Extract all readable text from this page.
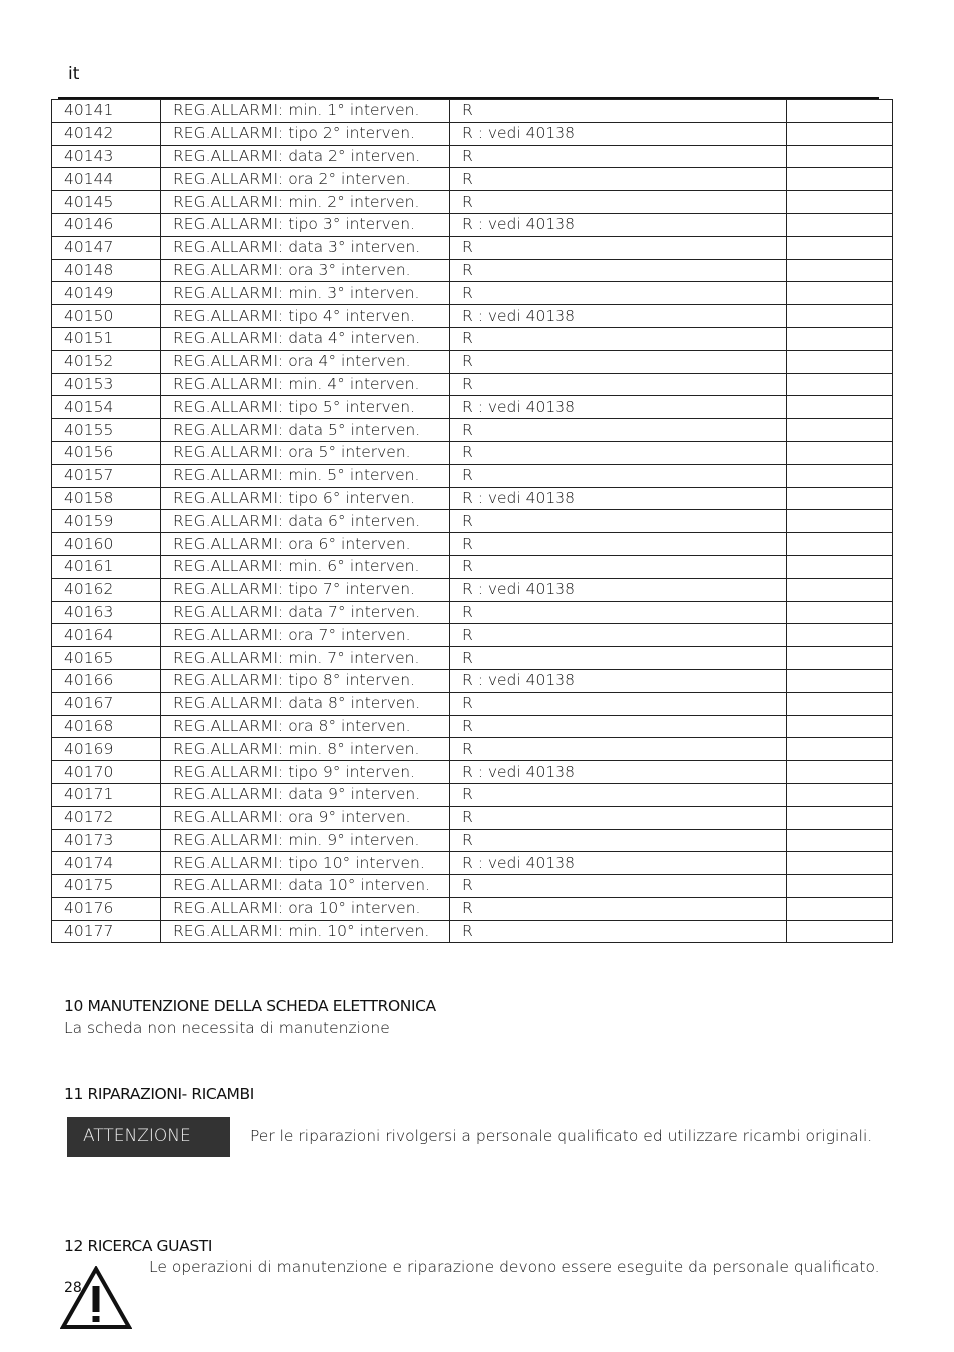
it
40141	REG.ALLARMI: min. 1° interven.	R	
40142	REG.ALLARMI: tipo 2° interven.	R : vedi 40138	
40143	REG.ALLARMI: data 2° interven.	R	
40144	REG.ALLARMI: ora 2° interven.	R	
40145	REG.ALLARMI: min. 2° interven.	R	
40146	REG.ALLARMI: tipo 3° interven.	R : vedi 40138	
40147	REG.ALLARMI: data 3° interven.	R	
40148	REG.ALLARMI: ora 3° interven.	R	
40149	REG.ALLARMI: min. 3° interven.	R	
40150	REG.ALLARMI: tipo 4° interven.	R : vedi 40138	
40151	REG.ALLARMI: data 4° interven.	R	
40152	REG.ALLARMI: ora 4° interven.	R	
40153	REG.ALLARMI: min. 4° interven.	R	
40154	REG.ALLARMI: tipo 5° interven.	R : vedi 40138	
40155	REG.ALLARMI: data 5° interven.	R	
40156	REG.ALLARMI: ora 5° interven.	R	
40157	REG.ALLARMI: min. 5° interven.	R	
40158	REG.ALLARMI: tipo 6° interven.	R : vedi 40138	
40159	REG.ALLARMI: data 6° interven.	R	
40160	REG.ALLARMI: ora 6° interven.	R	
40161	REG.ALLARMI: min. 6° interven.	R	
40162	REG.ALLARMI: tipo 7° interven.	R : vedi 40138	
40163	REG.ALLARMI: data 7° interven.	R	
40164	REG.ALLARMI: ora 7° interven.	R	
40165	REG.ALLARMI: min. 7° interven.	R	
40166	REG.ALLARMI: tipo 8° interven.	R : vedi 40138	
40167	REG.ALLARMI: data 8° interven.	R	
40168	REG.ALLARMI: ora 8° interven.	R	
40169	REG.ALLARMI: min. 8° interven.	R	
40170	REG.ALLARMI: tipo 9° interven.	R : vedi 40138	
40171	REG.ALLARMI: data 9° interven.	R	
40172	REG.ALLARMI: ora 9° interven.	R	
40173	REG.ALLARMI: min. 9° interven.	R	
40174	REG.ALLARMI: tipo 10° interven.	R : vedi 40138	
40175	REG.ALLARMI: data 10° interven.	R	
40176	REG.ALLARMI: ora 10° interven.	R	
40177	REG.ALLARMI: min. 10° interven.	R	
10 MANUTENZIONE DELLA SCHEDA ELETTRONICA
La scheda non necessita di manutenzione
11 RIPARAZIONI- RICAMBI
ATTENZIONE	Per le riparazioni rivolgersi a personale qualificato ed utilizzare ricambi originali.
12 RICERCA GUASTI
Le operazioni di manutenzione e riparazione devono essere eseguite da personale qualificato.
28
